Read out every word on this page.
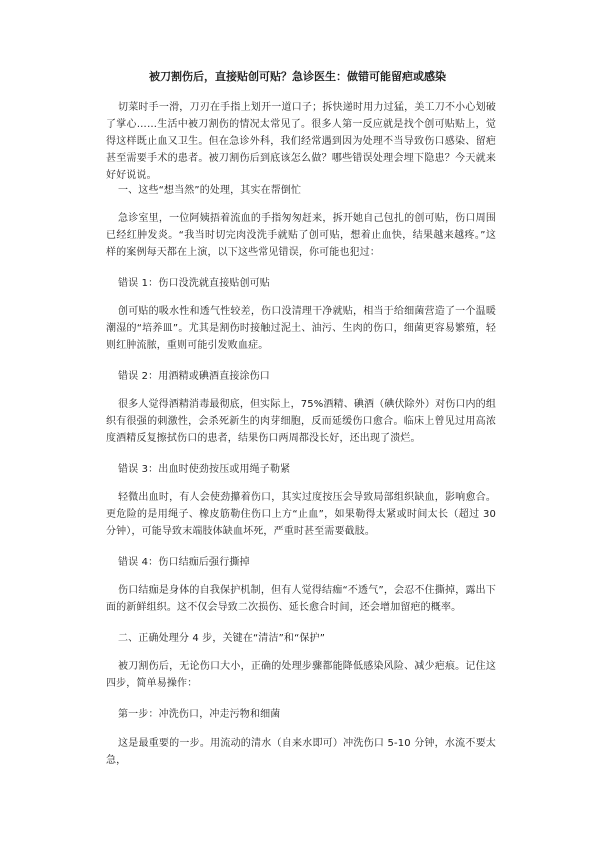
被刀割伤后，直接贴创可贴？急诊医生：做错可能留疤或感染
切菜时手一滑，刀刃在手指上划开一道口子；拆快递时用力过猛，美工刀不小心划破了掌心……生活中被刀割伤的情况太常见了。很多人第一反应就是找个创可贴贴上，觉得这样既止血又卫生。但在急诊外科，我们经常遇到因为处理不当导致伤口感染、留疤甚至需要手术的患者。被刀割伤后到底该怎么做？哪些错误处理会埋下隐患？今天就来好好说说。
一、这些“想当然”的处理，其实在帮倒忙
急诊室里，一位阿姨捂着流血的手指匆匆赶来，拆开她自己包扎的创可贴，伤口周围已经红肿发炎。“我当时切完肉没洗手就贴了创可贴，想着止血快，结果越来越疼。”这样的案例每天都在上演，以下这些常见错误，你可能也犯过：
错误 1：伤口没洗就直接贴创可贴
创可贴的吸水性和透气性较差，伤口没清理干净就贴，相当于给细菌营造了一个温暖潮湿的“培养皿”。尤其是割伤时接触过泥土、油污、生肉的伤口，细菌更容易繁殖，轻则红肿流脓，重则可能引发败血症。
错误 2：用酒精或碘酒直接涂伤口
很多人觉得酒精消毒最彻底，但实际上，75%酒精、碘酒（碘伏除外）对伤口内的组织有很强的刺激性，会杀死新生的肉芽细胞，反而延缓伤口愈合。临床上曾见过用高浓度酒精反复擦拭伤口的患者，结果伤口两周都没长好，还出现了溃烂。
错误 3：出血时使劲按压或用绳子勒紧
轻微出血时，有人会使劲攥着伤口，其实过度按压会导致局部组织缺血，影响愈合。更危险的是用绳子、橡皮筋勒住伤口上方“止血”，如果勒得太紧或时间太长（超过 30 分钟），可能导致末端肢体缺血坏死，严重时甚至需要截肢。
错误 4：伤口结痂后强行撕掉
伤口结痂是身体的自我保护机制，但有人觉得结痂“不透气”，会忍不住撕掉，露出下面的新鲜组织。这不仅会导致二次损伤、延长愈合时间，还会增加留疤的概率。
二、正确处理分 4 步，关键在“清洁”和“保护”
被刀割伤后，无论伤口大小，正确的处理步骤都能降低感染风险、减少疤痕。记住这四步，简单易操作：
第一步：冲洗伤口，冲走污物和细菌
这是最重要的一步。用流动的清水（自来水即可）冲洗伤口 5-10 分钟，水流不要太急，
